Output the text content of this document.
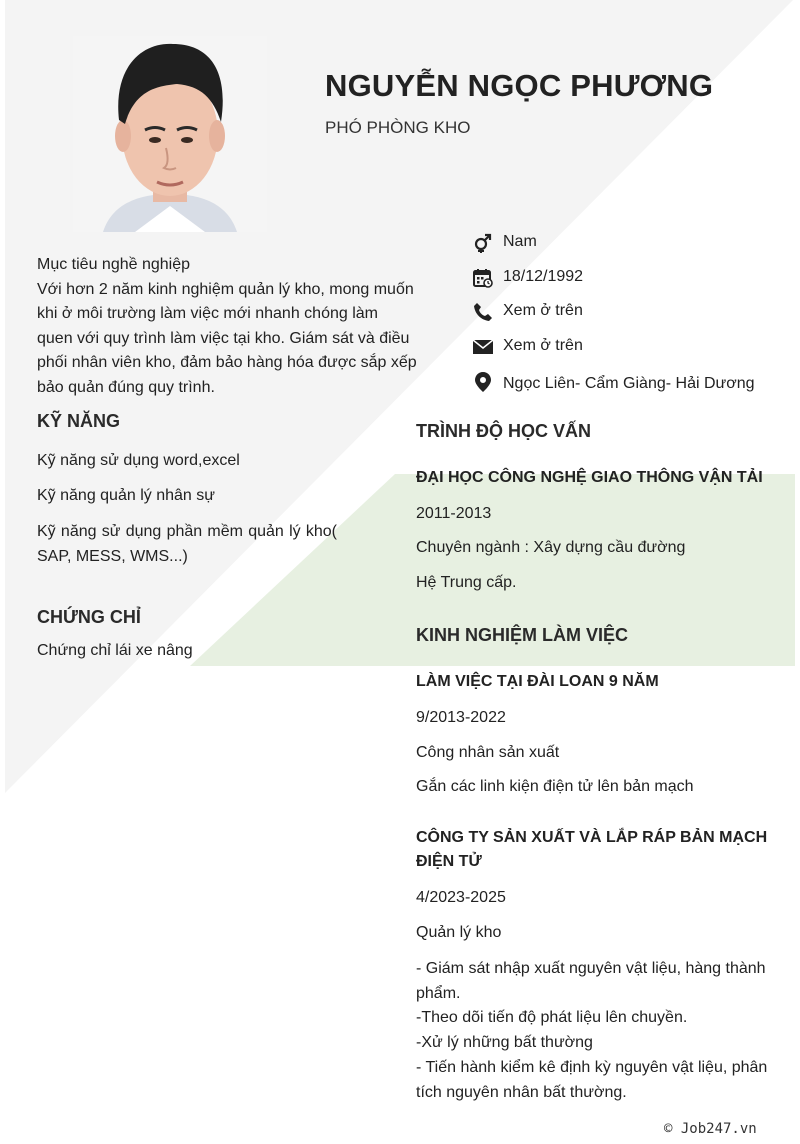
NGUYỄN NGỌC PHƯƠNG
PHÓ PHÒNG KHO
Nam
18/12/1992
Xem ở trên
Xem ở trên
Ngọc Liên- Cẩm Giàng- Hải Dương
Mục tiêu nghề nghiệp
Với hơn 2 năm kinh nghiệm quản lý kho, mong muốn khi ở môi trường làm việc mới nhanh chóng làm quen với quy trình làm việc tại kho. Giám sát và điều phối nhân viên kho, đảm bảo hàng hóa được sắp xếp bảo quản đúng quy trình.
KỸ NĂNG
Kỹ năng sử dụng word,excel
Kỹ năng quản lý nhân sự
Kỹ năng sử dụng phần mềm quản lý kho( SAP, MESS, WMS...)
CHỨNG CHỈ
Chứng chỉ lái xe nâng
TRÌNH ĐỘ HỌC VẤN
ĐẠI HỌC CÔNG NGHỆ GIAO THÔNG VẬN TẢI
2011-2013
Chuyên ngành : Xây dựng cầu đường
Hệ Trung cấp.
KINH NGHIỆM LÀM VIỆC
LÀM VIỆC TẠI ĐÀI LOAN 9 NĂM
9/2013-2022
Công nhân sản xuất
Gắn các linh kiện điện tử lên bản mạch
CÔNG TY SẢN XUẤT VÀ LẮP RÁP BẢN MẠCH ĐIỆN TỬ
4/2023-2025
Quản lý kho
- Giám sát nhập xuất nguyên vật liệu, hàng thành phẩm.
-Theo dõi tiến độ phát liệu lên chuyền.
-Xử lý những bất thường
- Tiến hành kiểm kê định kỳ nguyên vật liệu, phân tích nguyên nhân bất thường.
© Job247.vn
